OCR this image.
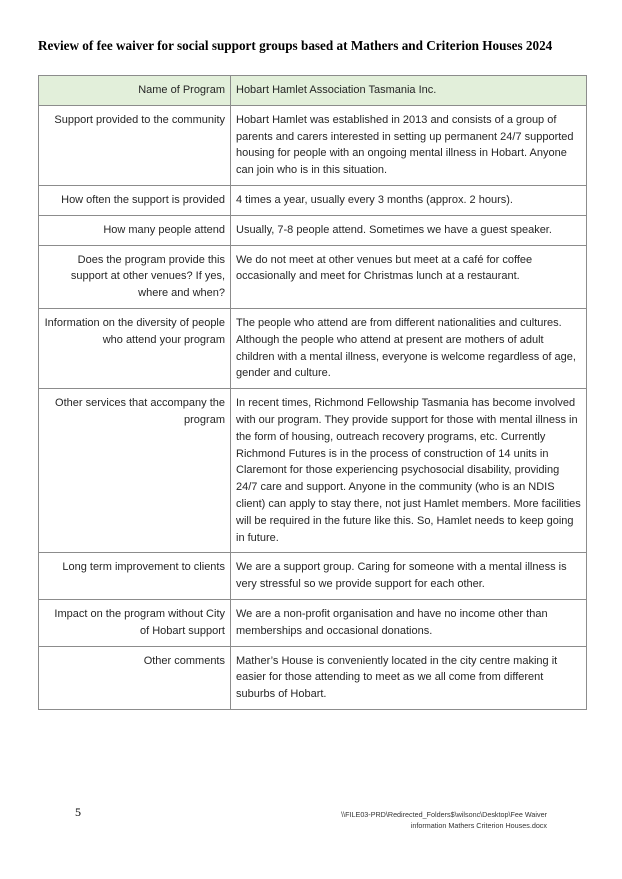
Review of fee waiver for social support groups based at Mathers and Criterion Houses 2024
Name of Program	Hobart Hamlet Association Tasmania Inc.
Support provided to the community	Hobart Hamlet was established in 2013 and consists of a group of parents and carers interested in setting up permanent 24/7 supported housing for people with an ongoing mental illness in Hobart. Anyone can join who is in this situation.
How often the support is provided	4 times a year, usually every 3 months (approx. 2 hours).
How many people attend	Usually, 7-8 people attend. Sometimes we have a guest speaker.
Does the program provide this support at other venues? If yes, where and when?	We do not meet at other venues but meet at a café for coffee occasionally and meet for Christmas lunch at a restaurant.
Information on the diversity of people who attend your program	The people who attend are from different nationalities and cultures. Although the people who attend at present are mothers of adult children with a mental illness, everyone is welcome regardless of age, gender and culture.
Other services that accompany the program	In recent times, Richmond Fellowship Tasmania has become involved with our program. They provide support for those with mental illness in the form of housing, outreach recovery programs, etc. Currently Richmond Futures is in the process of construction of 14 units in Claremont for those experiencing psychosocial disability, providing 24/7 care and support. Anyone in the community (who is an NDIS client) can apply to stay there, not just Hamlet members. More facilities will be required in the future like this. So, Hamlet needs to keep going in future.
Long term improvement to clients	We are a support group. Caring for someone with a mental illness is very stressful so we provide support for each other.
Impact on the program without City of Hobart support	We are a non-profit organisation and have no income other than memberships and occasional donations.
Other comments	Mather’s House is conveniently located in the city centre making it easier for those attending to meet as we all come from different suburbs of Hobart.
5	\\FILE03-PRD\Redirected_Folders$\wilsonc\Desktop\Fee Waiver
information Mathers Criterion Houses.docx
